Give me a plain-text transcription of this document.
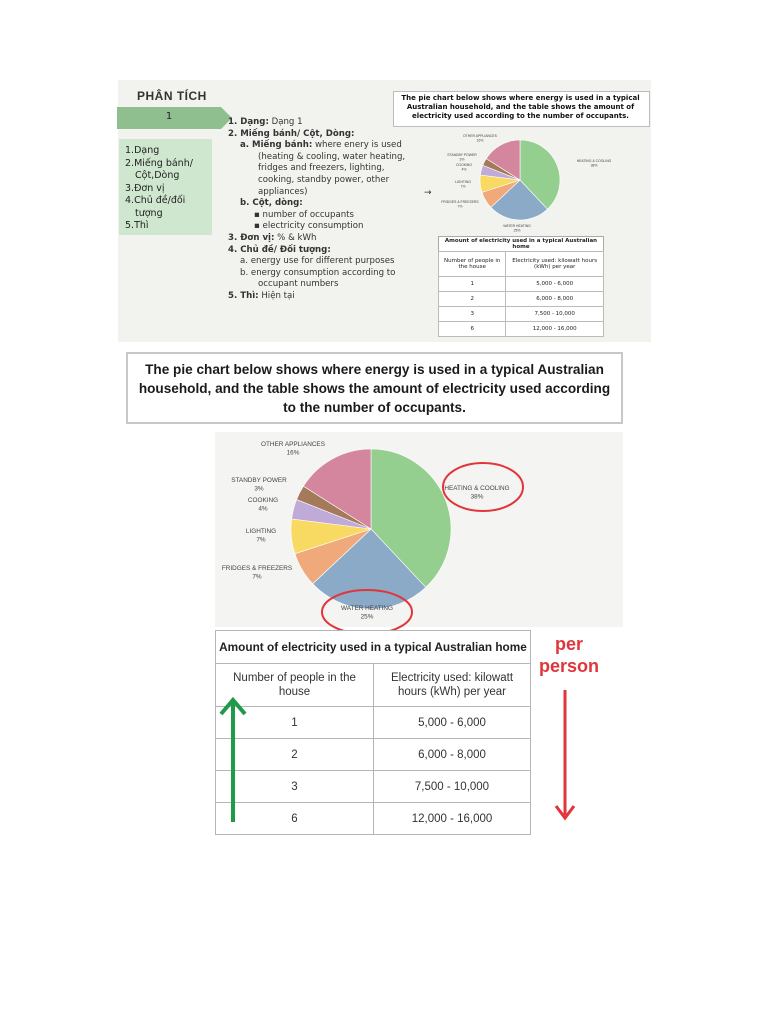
PHÂN TÍCH
1
1.Dạng
2.Miếng bánh/
Cột,Dòng
3.Đơn vị
4.Chủ đề/đối
tượng
5.Thì
1. Dạng: Dạng 1
2. Miếng bánh/ Cột, Dòng:
a. Miếng bánh: where enery is used
(heating & cooling, water heating,
fridges and freezers, lighting,
cooking, standby power, other
appliances)
b. Cột, dòng:
▪ number of occupants
▪ electricity consumption
3. Đơn vị: % & kWh
4. Chủ đề/ Đối tượng:
a. energy use for different purposes
b. energy consumption according to
occupant numbers
5. Thì: Hiện tại
The pie chart below shows where energy is used in a typical Australian household, and the table shows the amount of electricity used according to the number of occupants.
→
HEATING & COOLING
38%
WATER HEATING
25%
FRIDGES & FREEZERS
7%
LIGHTING
7%
COOKING
4%
STANDBY POWER
3%
OTHER APPLIANCES
16%
Amount of electricity used in a typical Australian home	
Number of people in the house	Electricity used: kilowatt hours (kWh) per year
1	5,000 - 6,000
2	6,000 - 8,000
3	7,500 - 10,000
6	12,000 - 16,000
The pie chart below shows where energy is used in a typical Australian
household, and the table shows the amount of electricity used according
to the number of occupants.
HEATING & COOLING
38%
WATER HEATING
25%
FRIDGES & FREEZERS
7%
LIGHTING
7%
COOKING
4%
STANDBY POWER
3%
OTHER APPLIANCES
16%
Amount of electricity used in a typical Australian home	
Number of people in the house	Electricity used: kilowatt hours (kWh) per year
1	5,000 - 6,000
2	6,000 - 8,000
3	7,500 - 10,000
6	12,000 - 16,000
per
person
